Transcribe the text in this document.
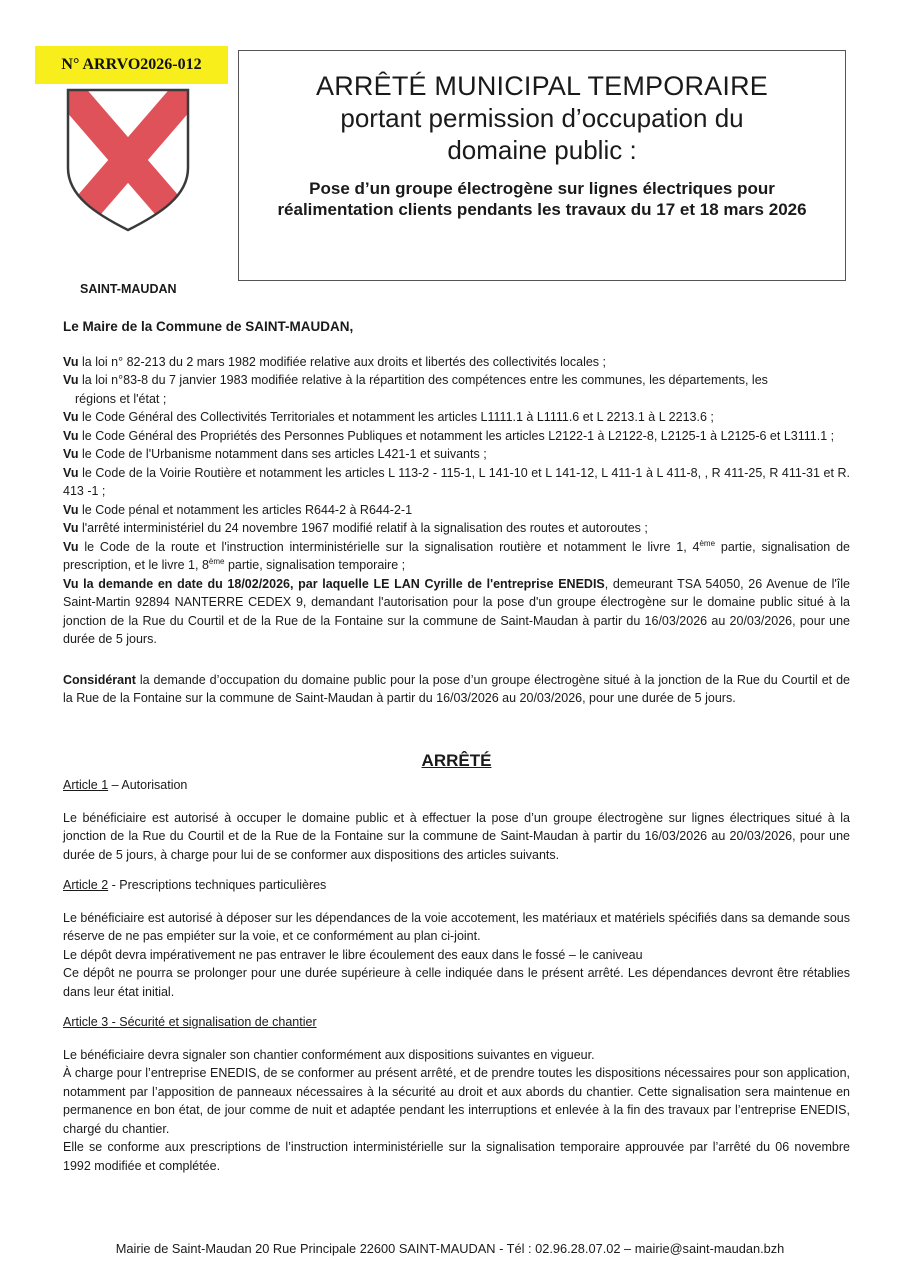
N° ARRVO2026-012
SAINT-MAUDAN
ARRÊTÉ MUNICIPAL TEMPORAIRE
portant permission d’occupation du
domaine public :
Pose d’un groupe électrogène sur lignes électriques pour réalimentation clients pendants les travaux du 17 et 18 mars 2026
Le Maire de la Commune de SAINT-MAUDAN,

Vu la loi n° 82-213 du 2 mars 1982 modifiée relative aux droits et libertés des collectivités locales ;

Vu la loi n°83-8 du 7 janvier 1983 modifiée relative à la répartition des compétences entre les communes, les départements, les

régions et l'état ;

Vu le Code Général des Collectivités Territoriales et notamment les articles L1111.1 à L1111.6 et L 2213.1 à L 2213.6 ;

Vu le Code Général des Propriétés des Personnes Publiques et notamment les articles L2122-1 à L2122-8, L2125-1 à L2125-6 et L3111.1 ;

Vu le Code de l'Urbanisme notamment dans ses articles L421-1 et suivants ;

Vu le Code de la Voirie Routière et notamment les articles L 113-2 - 115-1, L 141-10 et L 141-12, L 411-1 à L 411-8, , R 411-25, R 411-31 et R. 413 -1 ;

Vu le Code pénal et notamment les articles R644-2 à R644-2-1

Vu l'arrêté interministériel du 24 novembre 1967 modifié relatif à la signalisation des routes et autoroutes ;

Vu le Code de la route et l'instruction interministérielle sur la signalisation routière et notamment le livre 1, 4ème partie, signalisation de prescription, et le livre 1, 8ème partie, signalisation temporaire ;

Vu la demande en date du 18/02/2026, par laquelle LE LAN Cyrille de l'entreprise ENEDIS, demeurant TSA 54050, 26 Avenue de l'île Saint-Martin 92894 NANTERRE CEDEX 9, demandant l'autorisation pour la pose d'un groupe électrogène sur le domaine public situé à la jonction de la Rue du Courtil et de la Rue de la Fontaine sur la commune de Saint-Maudan à partir du 16/03/2026 au 20/03/2026, pour une durée de 5 jours.

Considérant la demande d’occupation du domaine public pour la pose d’un groupe électrogène situé à la jonction de la Rue du Courtil et de la Rue de la Fontaine sur la commune de Saint-Maudan à partir du 16/03/2026 au 20/03/2026, pour une durée de 5 jours.

ARRÊTÉ

Article 1 – Autorisation

Le bénéficiaire est autorisé à occuper le domaine public et à effectuer la pose d’un groupe électrogène sur lignes électriques situé à la jonction de la Rue du Courtil et de la Rue de la Fontaine sur la commune de Saint-Maudan à partir du 16/03/2026 au 20/03/2026, pour une durée de 5 jours, à charge pour lui de se conformer aux dispositions des articles suivants.

Article 2 - Prescriptions techniques particulières

Le bénéficiaire est autorisé à déposer sur les dépendances de la voie accotement, les matériaux et matériels spécifiés dans sa demande sous réserve de ne pas empiéter sur la voie, et ce conformément au plan ci-joint.

Le dépôt devra impérativement ne pas entraver le libre écoulement des eaux dans le fossé – le caniveau

Ce dépôt ne pourra se prolonger pour une durée supérieure à celle indiquée dans le présent arrêté. Les dépendances devront être rétablies dans leur état initial.

Article 3 - Sécurité et signalisation de chantier

Le bénéficiaire devra signaler son chantier conformément aux dispositions suivantes en vigueur.

À charge pour l’entreprise ENEDIS, de se conformer au présent arrêté, et de prendre toutes les dispositions nécessaires pour son application, notamment par l’apposition de panneaux nécessaires à la sécurité au droit et aux abords du chantier. Cette signalisation sera maintenue en permanence en bon état, de jour comme de nuit et adaptée pendant les interruptions et enlevée à la fin des travaux par l’entreprise ENEDIS, chargé du chantier.

Elle se conforme aux prescriptions de l’instruction interministérielle sur la signalisation temporaire approuvée par l’arrêté du 06 novembre 1992 modifiée et complétée.

Mairie de Saint-Maudan 20 Rue Principale 22600 SAINT-MAUDAN - Tél : 02.96.28.07.02 – mairie@saint-maudan.bzh
